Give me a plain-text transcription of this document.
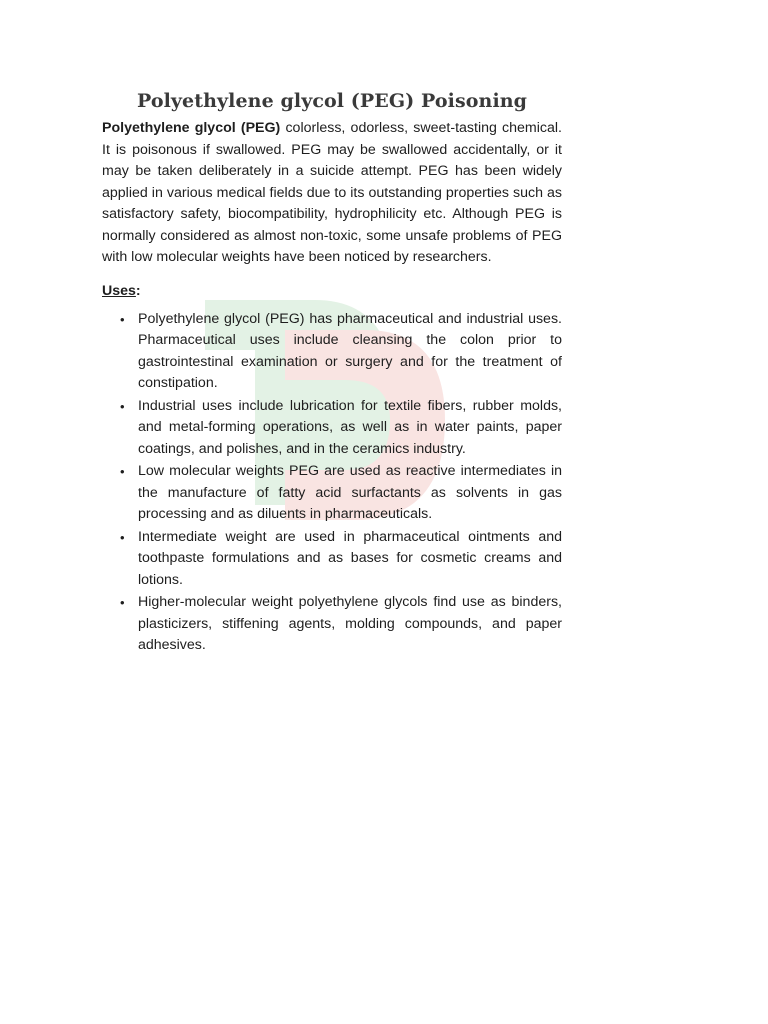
Polyethylene glycol (PEG) Poisoning

Polyethylene glycol (PEG) colorless, odorless, sweet-tasting chemical. It is poisonous if swallowed. PEG may be swallowed accidentally, or it may be taken deliberately in a suicide attempt. PEG has been widely applied in various medical fields due to its outstanding properties such as satisfactory safety, biocompatibility, hydrophilicity etc. Although PEG is normally considered as almost non-toxic, some unsafe problems of PEG with low molecular weights have been noticed by researchers.

Uses:
• Polyethylene glycol (PEG) has pharmaceutical and industrial uses. Pharmaceutical uses include cleansing the colon prior to gastrointestinal examination or surgery and for the treatment of constipation.
• Industrial uses include lubrication for textile fibers, rubber molds, and metal-forming operations, as well as in water paints, paper coatings, and polishes, and in the ceramics industry.
• Low molecular weights PEG are used as reactive intermediates in the manufacture of fatty acid surfactants as solvents in gas processing and as diluents in pharmaceuticals.
• Intermediate weight are used in pharmaceutical ointments and toothpaste formulations and as bases for cosmetic creams and lotions.
• Higher-molecular weight polyethylene glycols find use as binders, plasticizers, stiffening agents, molding compounds, and paper adhesives.
